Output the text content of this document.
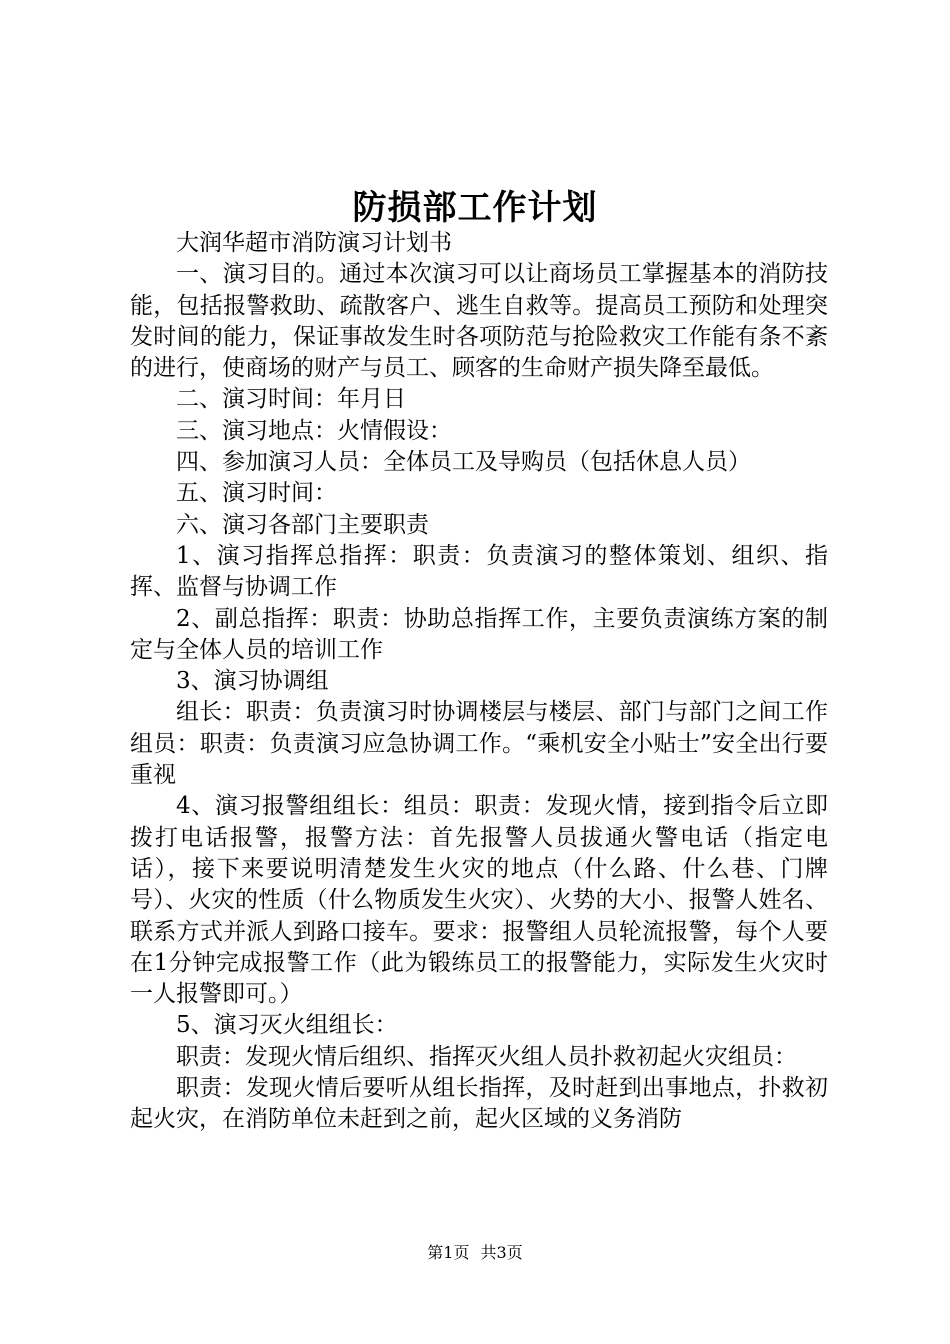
防损部工作计划

大润华超市消防演习计划书

一、演习目的。通过本次演习可以让商场员工掌握基本的消防技能，包括报警救助、疏散客户、逃生自救等。提高员工预防和处理突发时间的能力，保证事故发生时各项防范与抢险救灾工作能有条不紊的进行，使商场的财产与员工、顾客的生命财产损失降至最低。

二、演习时间：年月日

三、演习地点：火情假设：

四、参加演习人员：全体员工及导购员（包括休息人员）

五、演习时间：

六、演习各部门主要职责

1、演习指挥总指挥：职责：负责演习的整体策划、组织、指挥、监督与协调工作

2、副总指挥：职责：协助总指挥工作，主要负责演练方案的制定与全体人员的培训工作

3、演习协调组

组长：职责：负责演习时协调楼层与楼层、部门与部门之间工作组员：职责：负责演习应急协调工作。“乘机安全小贴士”安全出行要重视

4、演习报警组组长：组员：职责：发现火情，接到指令后立即拨打电话报警，报警方法：首先报警人员拔通火警电话（指定电话），接下来要说明清楚发生火灾的地点（什么路、什么巷、门牌号）、火灾的性质（什么物质发生火灾）、火势的大小、报警人姓名、联系方式并派人到路口接车。要求：报警组人员轮流报警，每个人要在1分钟完成报警工作（此为锻练员工的报警能力，实际发生火灾时一人报警即可。）

5、演习灭火组组长：

职责：发现火情后组织、指挥灭火组人员扑救初起火灾组员：

职责：发现火情后要听从组长指挥，及时赶到出事地点，扑救初起火灾，在消防单位未赶到之前，起火区域的义务消防

第1页 共3页
